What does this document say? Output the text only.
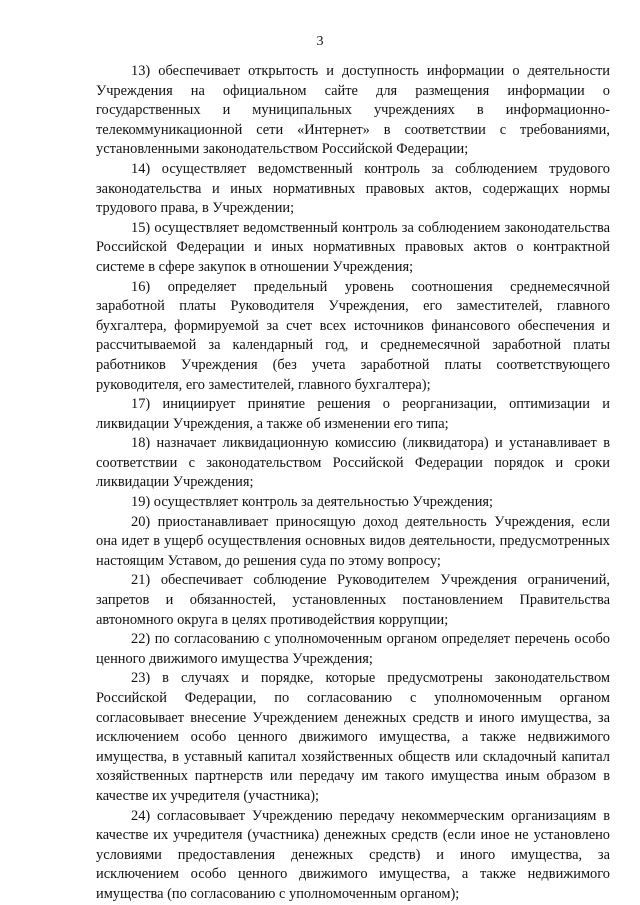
3

13) обеспечивает открытость и доступность информации о деятельности Учреждения на официальном сайте для размещения информации о государственных и муниципальных учреждениях в информационно-телекоммуникационной сети «Интернет» в соответствии с требованиями, установленными законодательством Российской Федерации;

14) осуществляет ведомственный контроль за соблюдением трудового законодательства и иных нормативных правовых актов, содержащих нормы трудового права, в Учреждении;

15) осуществляет ведомственный контроль за соблюдением законодательства Российской Федерации и иных нормативных правовых актов о контрактной системе в сфере закупок в отношении Учреждения;

16) определяет предельный уровень соотношения среднемесячной заработной платы Руководителя Учреждения, его заместителей, главного бухгалтера, формируемой за счет всех источников финансового обеспечения и рассчитываемой за календарный год, и среднемесячной заработной платы работников Учреждения (без учета заработной платы соответствующего руководителя, его заместителей, главного бухгалтера);

17) инициирует принятие решения о реорганизации, оптимизации и ликвидации Учреждения, а также об изменении его типа;

18) назначает ликвидационную комиссию (ликвидатора) и устанавливает в соответствии с законодательством Российской Федерации порядок и сроки ликвидации Учреждения;

19) осуществляет контроль за деятельностью Учреждения;

20) приостанавливает приносящую доход деятельность Учреждения, если она идет в ущерб осуществления основных видов деятельности, предусмотренных настоящим Уставом, до решения суда по этому вопросу;

21) обеспечивает соблюдение Руководителем Учреждения ограничений, запретов и обязанностей, установленных постановлением Правительства автономного округа в целях противодействия коррупции;

22) по согласованию с уполномоченным органом определяет перечень особо ценного движимого имущества Учреждения;

23) в случаях и порядке, которые предусмотрены законодательством Российской Федерации, по согласованию с уполномоченным органом согласовывает внесение Учреждением денежных средств и иного имущества, за исключением особо ценного движимого имущества, а также недвижимого имущества, в уставный капитал хозяйственных обществ или складочный капитал хозяйственных партнерств или передачу им такого имущества иным образом в качестве их учредителя (участника);

24) согласовывает Учреждению передачу некоммерческим организациям в качестве их учредителя (участника) денежных средств (если иное не установлено условиями предоставления денежных средств) и иного имущества, за исключением особо ценного движимого имущества, а также недвижимого имущества (по согласованию с уполномоченным органом);
